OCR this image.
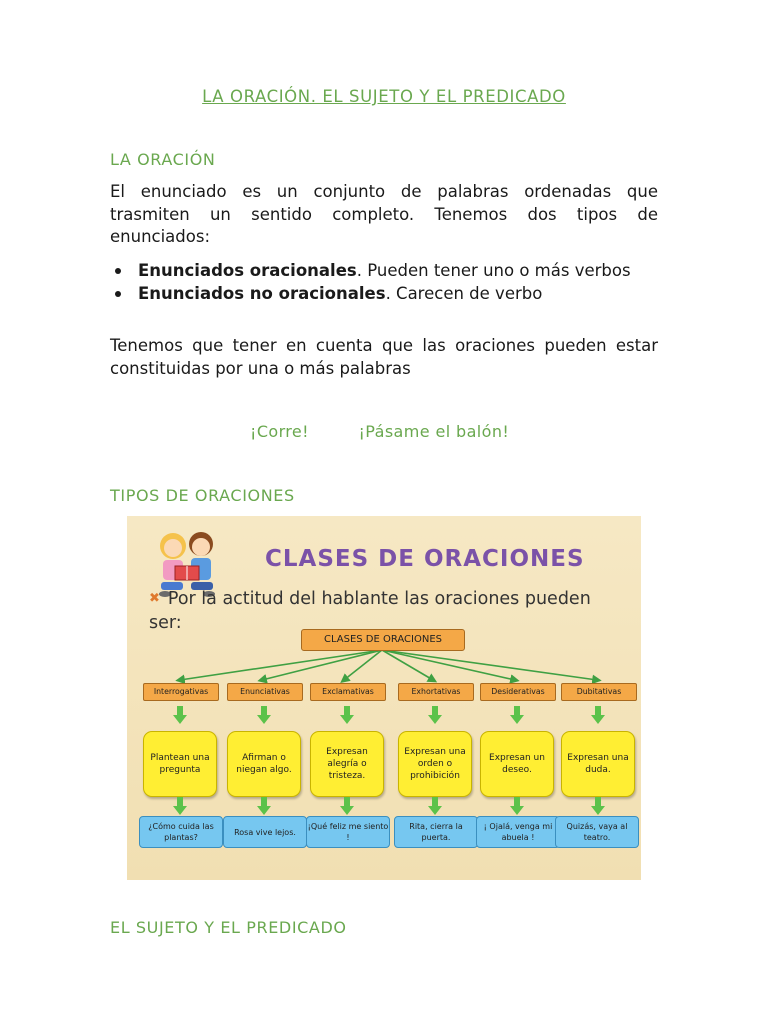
LA ORACIÓN. EL SUJETO Y EL PREDICADO
LA ORACIÓN
El enunciado es un conjunto de palabras ordenadas que trasmiten un sentido completo. Tenemos dos tipos de enunciados:
Enunciados oracionales. Pueden tener uno o más verbos
Enunciados no oracionales. Carecen de verbo
Tenemos que tener en cuenta que las oraciones pueden estar constituidas por una o más palabras
¡Corre!	¡Pásame el balón!
TIPOS DE ORACIONES
CLASES DE ORACIONES
✖ Por la actitud del hablante las oraciones pueden ser:
CLASES DE ORACIONES
Interrogativas
Plantean una pregunta
¿Cómo cuida las plantas?
Enunciativas
Afirman o niegan algo.
Rosa vive lejos.
Exclamativas
Expresan alegría o tristeza.
¡Qué feliz me siento !
Exhortativas
Expresan una orden o prohibición
Rita, cierra la puerta.
Desiderativas
Expresan un deseo.
¡ Ojalá, venga mi abuela !
Dubitativas
Expresan una duda.
Quizás, vaya al teatro.
EL SUJETO Y EL PREDICADO
